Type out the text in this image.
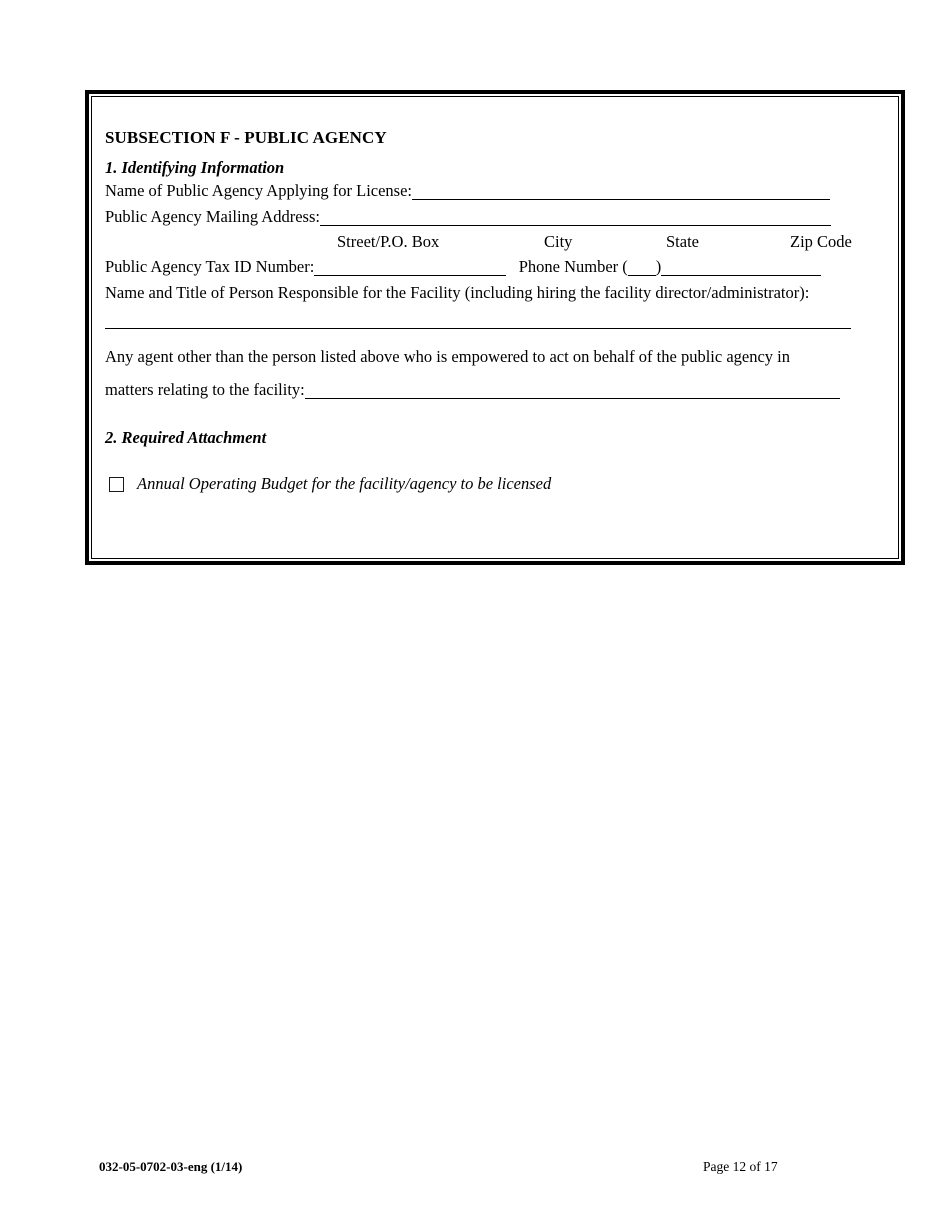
SUBSECTION F - PUBLIC AGENCY
1. Identifying Information
Name of Public Agency Applying for License:
Public Agency Mailing Address:
Street/P.O. Box	City	State	Zip Code
Public Agency Tax ID Number:	Phone Number ( )
Name and Title of Person Responsible for the Facility (including hiring the facility director/administrator):
Any agent other than the person listed above who is empowered to act on behalf of the public agency in
matters relating to the facility:
2. Required Attachment
Annual Operating Budget for the facility/agency to be licensed
032-05-0702-03-eng (1/14)	Page 12 of 17
